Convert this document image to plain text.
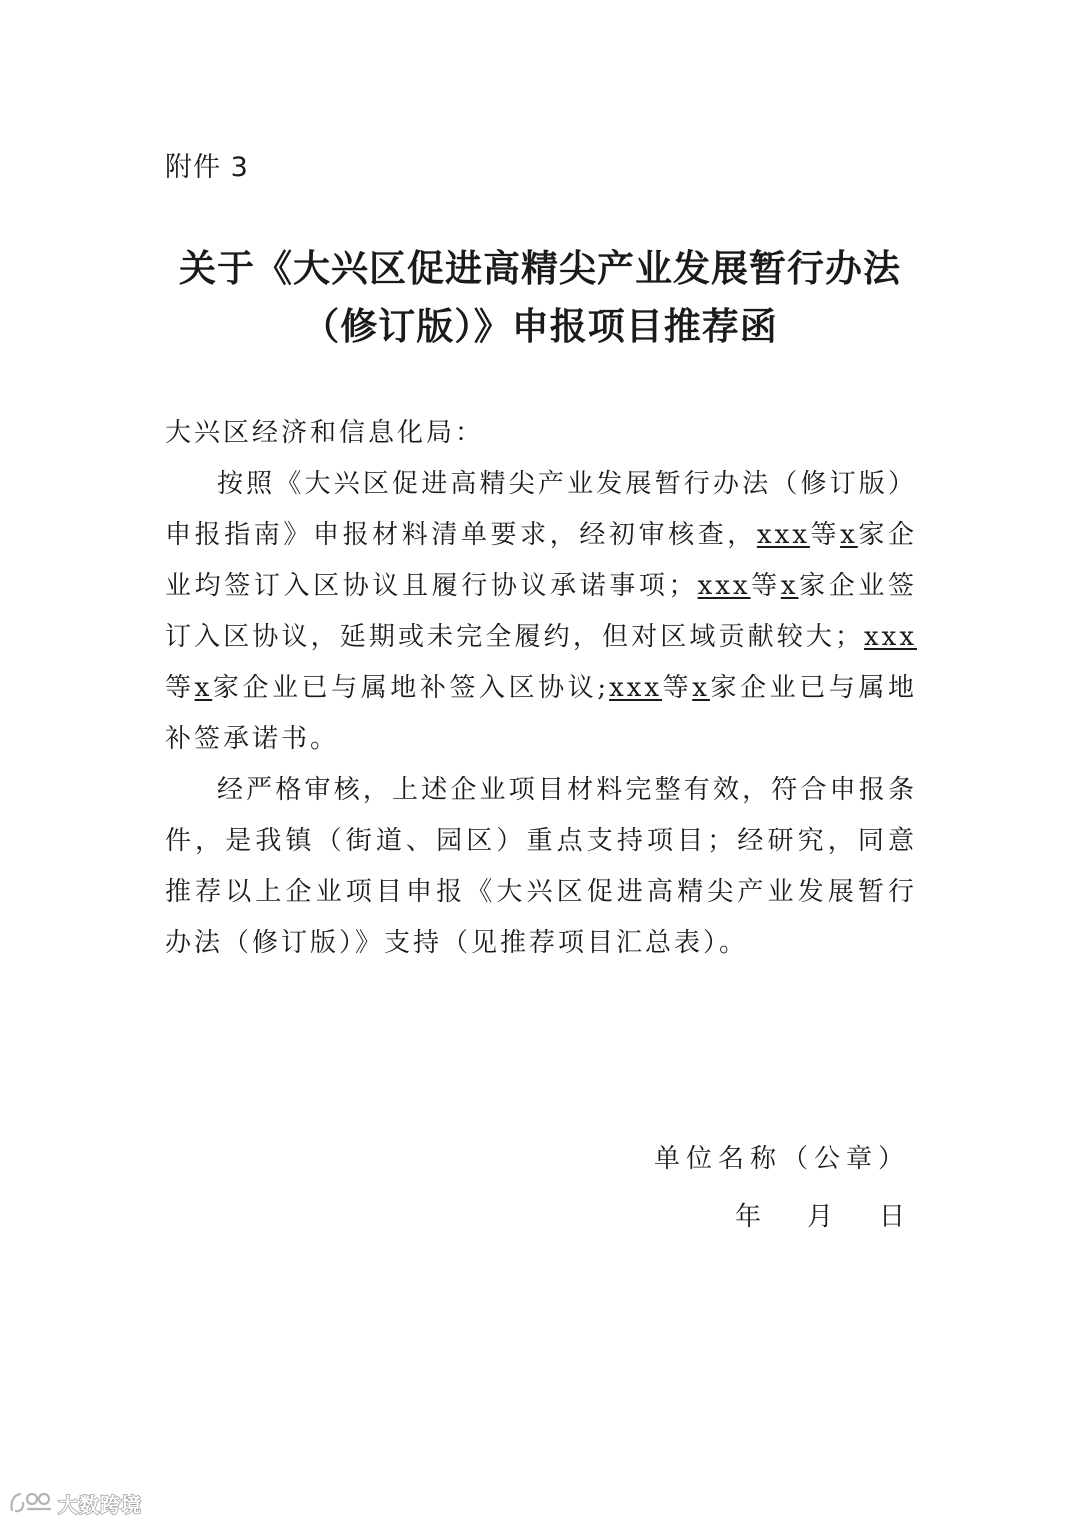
附件 3
关于《大兴区促进高精尖产业发展暂行办法
（修订版）》申报项目推荐函

大兴区经济和信息化局：

按照《大兴区促进高精尖产业发展暂行办法（修订版）申报指南》申报材料清单要求，经初审核查，xxx等x家企业均签订入区协议且履行协议承诺事项；xxx等x家企业签订入区协议，延期或未完全履约，但对区域贡献较大；xxx等x家企业已与属地补签入区协议;xxx等x家企业已与属地补签承诺书。

经严格审核，上述企业项目材料完整有效，符合申报条件，是我镇（街道、园区）重点支持项目；经研究，同意推荐以上企业项目申报《大兴区促进高精尖产业发展暂行办法（修订版）》支持（见推荐项目汇总表）。

单位名称（公章）
年 月 日
大数跨境
